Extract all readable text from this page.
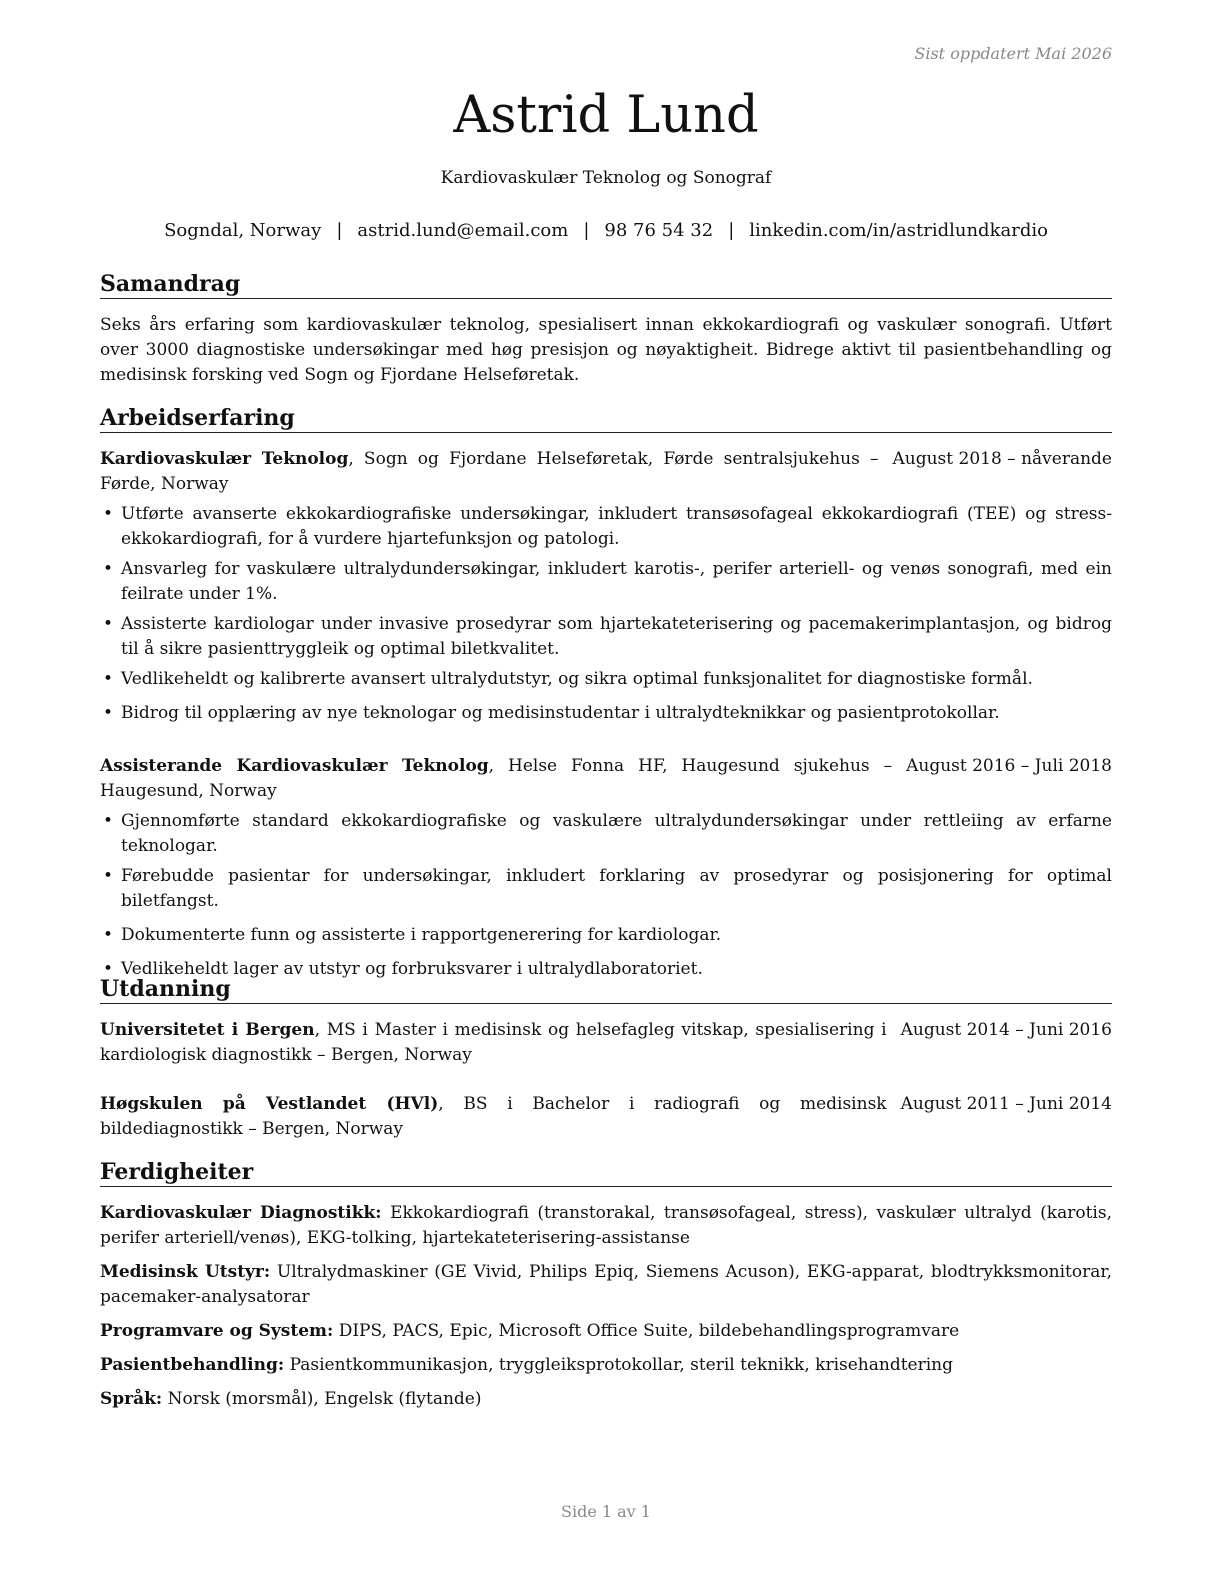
Sist oppdatert Mai 2026
Astrid Lund
Kardiovaskulær Teknolog og Sonograf
Sogndal, Norway | astrid.lund@email.com | 98 76 54 32 | linkedin.com/in/astridlundkardio
Samandrag

Seks års erfaring som kardiovaskulær teknolog, spesialisert innan ekkokardiografi og vaskulær sonografi. Utført over 3000 diagnostiske undersøkingar med høg presisjon og nøyaktigheit. Bidrege aktivt til pasientbehandling og medisinsk forsking ved Sogn og Fjordane Helseføretak.

Arbeidserfaring
Kardiovaskulær Teknolog, Sogn og Fjordane Helseføretak, Førde sentralsjukehus – Førde, Norway
August 2018 – nåverande
• Utførte avanserte ekkokardiografiske undersøkingar, inkludert transøsofageal ekkokardiografi (TEE) og stress-ekkokardiografi, for å vurdere hjartefunksjon og patologi.
• Ansvarleg for vaskulære ultralydundersøkingar, inkludert karotis-, perifer arteriell- og venøs sonografi, med ein feilrate under 1%.
• Assisterte kardiologar under invasive prosedyrar som hjartekateterisering og pacemakerimplantasjon, og bidrog til å sikre pasienttryggleik og optimal biletkvalitet.
• Vedlikeheldt og kalibrerte avansert ultralydutstyr, og sikra optimal funksjonalitet for diagnostiske formål.
• Bidrog til opplæring av nye teknologar og medisinstudentar i ultralydteknikkar og pasientprotokollar.
Assisterande Kardiovaskulær Teknolog, Helse Fonna HF, Haugesund sjukehus – Haugesund, Norway
August 2016 – Juli 2018
• Gjennomførte standard ekkokardiografiske og vaskulære ultralydundersøkingar under rettleiing av erfarne teknologar.
• Førebudde pasientar for undersøkingar, inkludert forklaring av prosedyrar og posisjonering for optimal biletfangst.
• Dokumenterte funn og assisterte i rapportgenerering for kardiologar.
• Vedlikeheldt lager av utstyr og forbruksvarer i ultralydlaboratoriet.
Utdanning
Universitetet i Bergen, MS i Master i medisinsk og helsefagleg vitskap, spesialisering i kardiologisk diagnostikk – Bergen, Norway
August 2014 – Juni 2016
Høgskulen på Vestlandet (HVl), BS i Bachelor i radiografi og medisinsk bildediagnostikk – Bergen, Norway
August 2011 – Juni 2014
Ferdigheiter

Kardiovaskulær Diagnostikk: Ekkokardiografi (transtorakal, transøsofageal, stress), vaskulær ultralyd (karotis, perifer arteriell/venøs), EKG-tolking, hjartekateterisering-assistanse

Medisinsk Utstyr: Ultralydmaskiner (GE Vivid, Philips Epiq, Siemens Acuson), EKG-apparat, blodtrykksmonitorar, pacemaker-analysatorar

Programvare og System: DIPS, PACS, Epic, Microsoft Office Suite, bildebehandlingsprogramvare

Pasientbehandling: Pasientkommunikasjon, tryggleiksprotokollar, steril teknikk, krisehandtering

Språk: Norsk (morsmål), Engelsk (flytande)

Side 1 av 1
